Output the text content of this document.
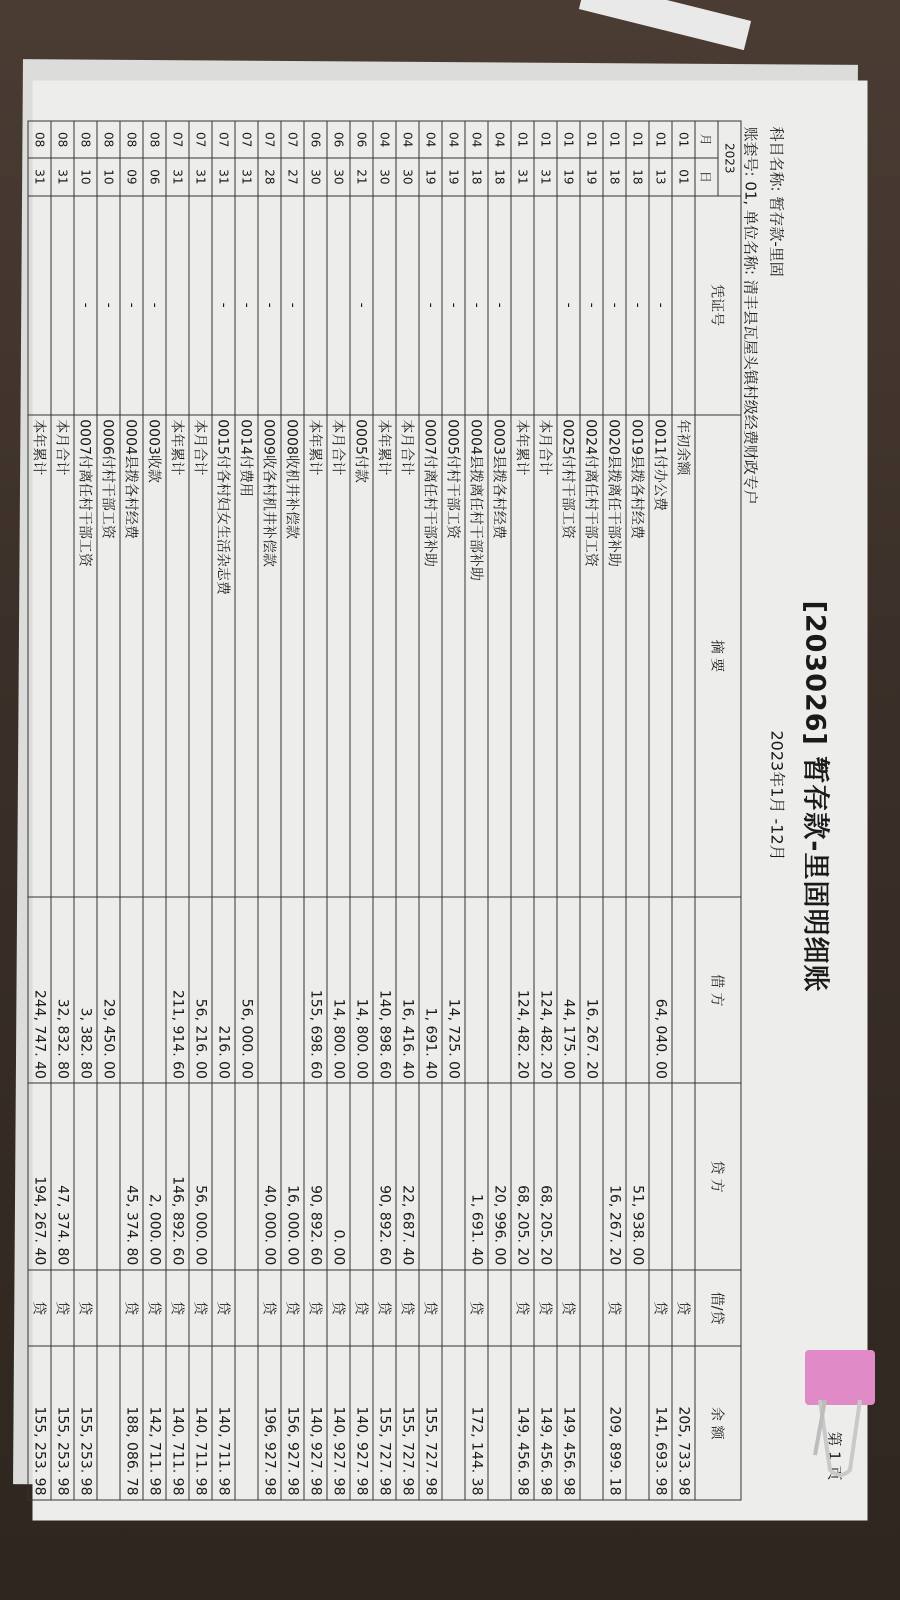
[203026] 暂存款-里固明细账
第 1 页
2023年1月 -12月
科目名称: 暂存款-里固
账套号: 01, 单位名称: 清丰县瓦屋头镇村级经费财政专户
2023		凭证号	摘 要	借 方	贷 方	借/贷	余 额
月	日						
01	01		年初余额			贷	205, 733. 98
01	13	-	0011付办公费	64, 040. 00		贷	141, 693. 98
01	18	-	0019县拨各村经费		51, 938. 00		
01	18	-	0020县拨离任干部补助		16, 267. 20	贷	209, 899. 18
01	19	-	0024付离任村干部工资	16, 267. 20			
01	19	-	0025付村干部工资	44, 175. 00		贷	149, 456. 98
01	31		本月合计	124, 482. 20	68, 205. 20	贷	149, 456. 98
01	31		本年累计	124, 482. 20	68, 205. 20	贷	149, 456. 98
04	18	-	0003县拨各村经费		20, 996. 00		
04	18	-	0004县拨离任村干部补助		1, 691. 40	贷	172, 144. 38
04	19	-	0005付村干部工资	14, 725. 00			
04	19	-	0007付离任村干部补助	1, 691. 40		贷	155, 727. 98
04	30		本月合计	16, 416. 40	22, 687. 40	贷	155, 727. 98
04	30		本年累计	140, 898. 60	90, 892. 60	贷	155, 727. 98
06	21	-	0005付款	14, 800. 00		贷	140, 927. 98
06	30		本月合计	14, 800. 00	0. 00	贷	140, 927. 98
06	30		本年累计	155, 698. 60	90, 892. 60	贷	140, 927. 98
07	27	-	0008收机井补偿款		16, 000. 00	贷	156, 927. 98
07	28	-	0009收各村机井补偿款		40, 000. 00	贷	196, 927. 98
07	31	-	0014付费用	56, 000. 00			
07	31	-	0015付各村妇女生活杂志费	216. 00		贷	140, 711. 98
07	31		本月合计	56, 216. 00	56, 000. 00	贷	140, 711. 98
07	31		本年累计	211, 914. 60	146, 892. 60	贷	140, 711. 98
08	06	-	0003收款		2, 000. 00	贷	142, 711. 98
08	09	-	0004县拨各村经费		45, 374. 80	贷	188, 086. 78
08	10	-	0006付村干部工资	29, 450. 00			
08	10	-	0007付离任村干部工资	3, 382. 80		贷	155, 253. 98
08	31		本月合计	32, 832. 80	47, 374. 80	贷	155, 253. 98
08	31		本年累计	244, 747. 40	194, 267. 40	贷	155, 253. 98
